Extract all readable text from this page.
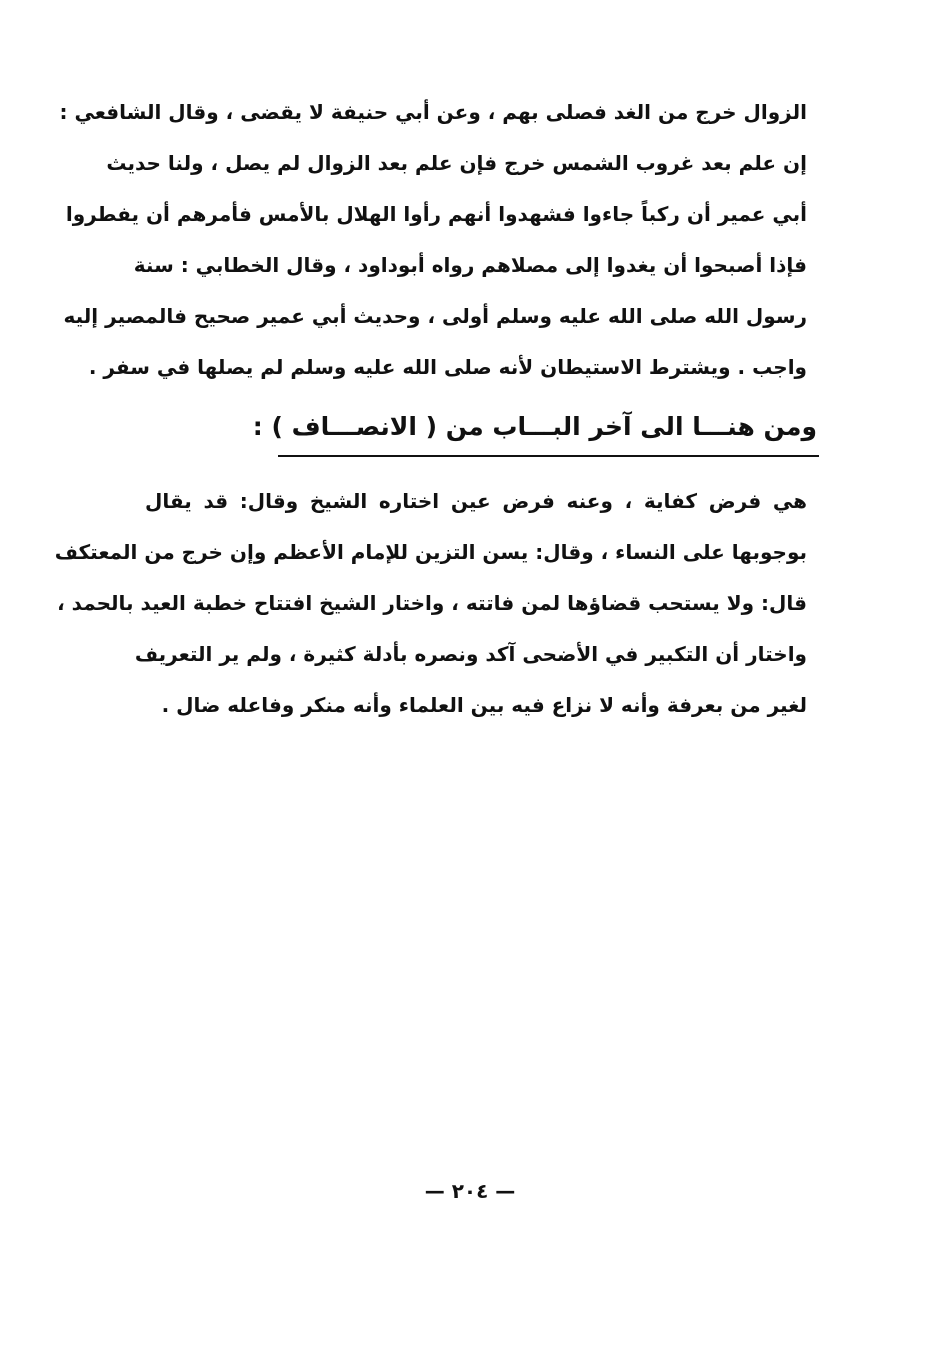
الزوال خرج من الغد فصلى بهم ، وعن أبي حنيفة لا يقضى ، وقال الشافعي :
إن علم بعد غروب الشمس خرج فإن علم بعد الزوال لم يصل ، ولنا حديث
أبي عمير أن ركباً جاءوا فشهدوا أنهم رأوا الهلال بالأمس فأمرهم أن يفطروا
فإذا أصبحوا أن يغدوا إلى مصلاهم رواه أبوداود ، وقال الخطابي : سنة
رسول الله صلى الله عليه وسلم أولى ، وحديث أبي عمير صحيح فالمصير إليه
واجب . ويشترط الاستيطان لأنه صلى الله عليه وسلم لم يصلها في سفر .
ومن هنـــا الى آخر البـــاب من ( الانصـــاف ) :
هي فرض كفاية ، وعنه فرض عين اختاره الشيخ وقال: قد يقال
بوجوبها على النساء ، وقال: يسن التزين للإمام الأعظم وإن خرج من المعتكف
قال: ولا يستحب قضاؤها لمن فاتته ، واختار الشيخ افتتاح خطبة العيد بالحمد ،
واختار أن التكبير في الأضحى آكد ونصره بأدلة كثيرة ، ولم ير التعريف
لغير من بعرفة وأنه لا نزاع فيه بين العلماء وأنه منكر وفاعله ضال .
— ٢٠٤ —
